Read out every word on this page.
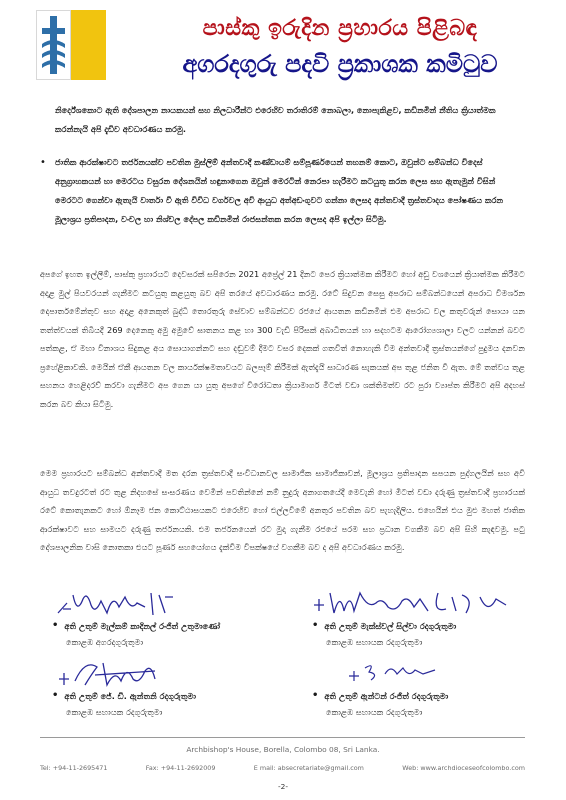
පාස්කු ඉරුදින ප්‍රහාරය පිළිබඳ
අගරදගුරු පදවි ප්‍රකාශක කමිටුව
නිර්දේශකොට ඇති දේශපාලන නායකයන් සහ නිලධාරීන්ට එරෙහිව තරාතිරම් නොබලා, නොපැකිළව, කඩිනමින් නීතිය ක්‍රියාත්මක කරන්නැයි අපි දැඩිව අවධාරණය කරමු.
•	ජාතික ආරක්ෂාවට තර්ජනයක්ව පවතින මුස්ලිම් අන්තවාදී කණ්ඩායම් සම්පූර්ණයෙන් තහනම් කොට, ඔවුන්ට සම්බන්ධ විදෙස් අනුග්‍රාහකයන් හා මෙරටය වසුරන දේශනයින් හඳුනාගෙන ඔවුන් මෙරටින් නෙරපා හැරීමට කටයුතු කරන ලෙස සහ ඇතැමුන් විසින් මෙරටට ගෙන්වා ඇතැයි වාර්තා වී ඇති විවිධ වර්ගවල අවි ආයුධ අත්අඩංගුවට ගන්නා ලෙසද අන්තවාදී ත්‍රස්තවාදය පෝෂණය කරන මූලාශ්‍රය ප්‍රතිපාදන, වංචල හා නිශ්චල දේපල කඩිනමින් රාජසන්තක කරන ලෙසද අපි ඉල්ලා සිටිමු.
අපගේ ඉහත ඉල්ලීම්, පාස්කු ප්‍රහාරයට දෙවසරක් සපිරෙන 2021 අප්‍රේල් 21 දිනට පෙර ක්‍රියාත්මක කිරීමට හෝ අඩු වශයෙන් ක්‍රියාත්මක කිරීමට අදාළ මුල් පියවරයන් ගැනීමට කටයුතු කළයුතු බව අපි තරයේ අවධාරණය කරමු. රටේ සිදුවන සෙසු අපරාධ සම්බන්ධයෙන් අපරාධ විමර්ශන දෙපාර්තමේන්තුව සහ අදාළ අනෙකුත් බුද්ධි තොරතුරු සේවාව සම්බන්ධව රජයේ ආයතන කඩිනමින් එම අපරාධ වල කතුවරුන් සොයා යන තත්ත්වයක් තිබියදී 269 දෙනෙකු අමු අමුවේ ඝාතනය කළ හා 300 වැඩි පිරිසක් අබාධිතයන් හා සදහටම ආරෝග්‍යශාලා වලට යන්නන් බවට පත්කළ, ඒ මහා විනාශය සිදුකළ අය සොයාගන්නට සහ දඬුවම් දීමට වසර දෙකක් ගතවීත් නොහැකි වීම අන්තවාදී ත්‍රස්තයන්ගේ පුදුමය දනවන ප්‍රහේළිකාවකි. මෙයින් ඒකී ආයතන වල කාර්යක්ෂමතාවයට බලපෑම් කිරීමක් ඇත්දැයි සාධාරණ සැකයක් අප තුළ ජනිත වී ඇත. මේ තත්වය තුළ සහනය හෙළිදරව් කරවා ගැනීමට අප ගෙන යා යුතු අපගේ විරෝධතා ක්‍රියාමාර්ග මීටත් වඩා ශක්තිමත්ව රට පුරා ව්‍යාප්ත කිරීමට අපි අදහස් කරන බව කියා සිටිමු.
මෙම ප්‍රහාරයට සම්බන්ධ අන්තවාදී මත දරන ත්‍රස්තවාදී සංවිධානවල සාමාජික සාමාජිකාවන්, මූලාශ්‍රය ප්‍රතිපාදන සපයන පුද්ගලයින් සහ අවි ආයුධ තවදුරටත් රට තුළ නිදහසේ සංසරණය වෙමින් පවතින්නේ නම් නුදුරු අනාගතයේදී මෙවැනි හෝ මීටත් වඩා දරුණු ත්‍රස්තවාදී ප්‍රහාරයක් රටේ කොතැනකට හෝ ඕනෑම ජන කොට්ඨාසයකට එරෙහිව හෝ එල්ලවීමේ අනතුර පවතින බව පැහැදිලිය. එහෙයින් එය මුළු මහත් ජාතික ආරක්ෂාවට සහ සාමයට දරුණු තර්ජනයකි. එම තර්ජනයෙන් රට මුදා ගැනීම රජයේ පරම සහ ප්‍රධාන වගකීම බව අපි සිහි කැඳවමු. පටු දේශපාලනික වාසි නොතකා එයට පූර්ණ සහයෝගය දැක්වීම විපක්ෂයේ වගකීම බව ද අපි අවධාරණය කරමු.
• අති උතුම් මැල්කම් කාදිනල් රංජිත් උතුමාණෝ
කොළඹ අගරදගුරුතුමා
• අති උතුම් මැක්ස්වල් සිල්වා රදගුරුතුමා
කොළඹ සහායක රදගුරුතුමා
• අති උතුම් ජේ. ඩී. ඇන්තනි රදගුරුතුමා
කොළඹ සහායක රදගුරුතුමා
• අති උතුම් ඇන්ටන් රංජිත් රදගුරුතුමා
කොළඹ සහායක රදගුරුතුමා
Archbishop's House, Borella, Colombo 08, Sri Lanka.
Tel: +94-11-2695471	Fax: +94-11-2692009	E mail: absecretariate@gmail.com	Web: www.archdioceseofcolombo.com
-2-
